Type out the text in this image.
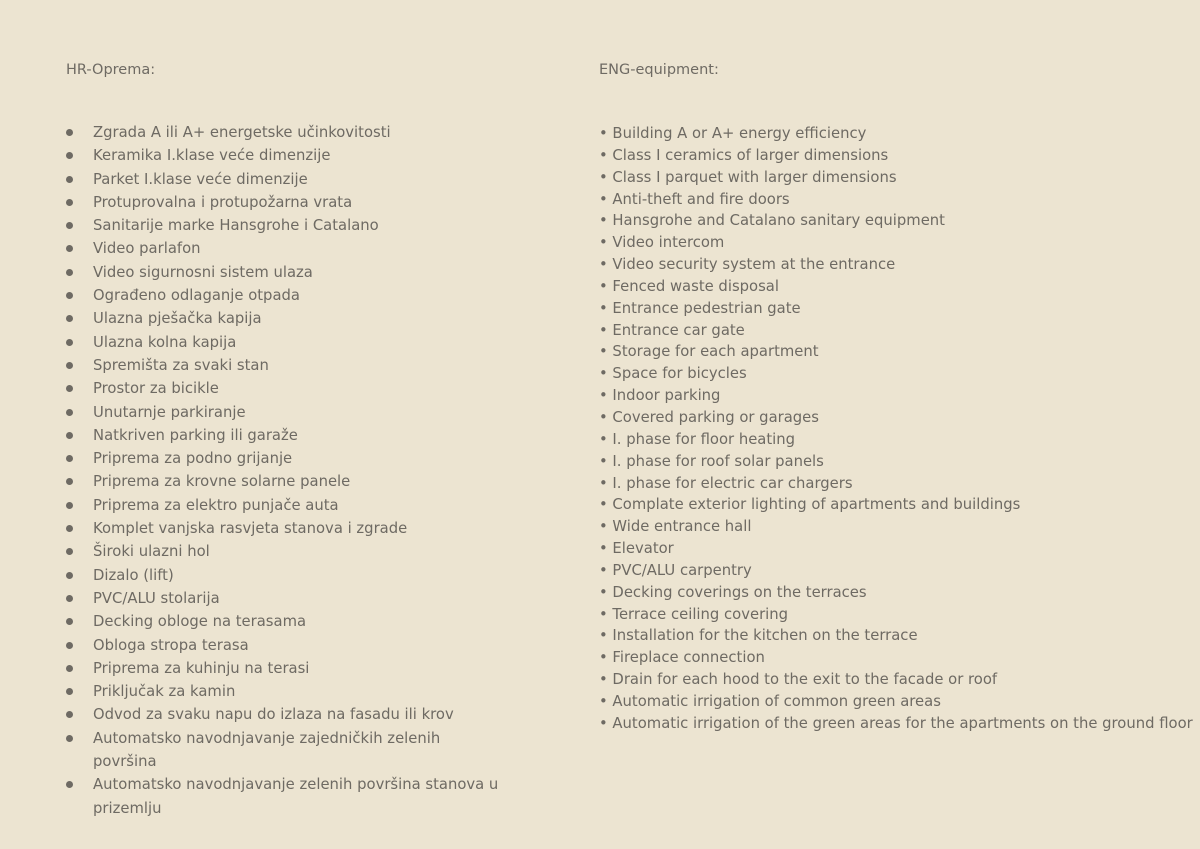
HR-Oprema:
Zgrada A ili A+ energetske učinkovitosti
Keramika I.klase veće dimenzije
Parket I.klase veće dimenzije
Protuprovalna i protupožarna vrata
Sanitarije marke Hansgrohe i Catalano
Video parlafon
Video sigurnosni sistem ulaza
Ograđeno odlaganje otpada
Ulazna pješačka kapija
Ulazna kolna kapija
Spremišta za svaki stan
Prostor za bicikle
Unutarnje parkiranje
Natkriven parking ili garaže
Priprema za podno grijanje
Priprema za krovne solarne panele
Priprema za elektro punjače auta
Komplet vanjska rasvjeta stanova i zgrade
Široki ulazni hol
Dizalo (lift)
PVC/ALU stolarija
Decking obloge na terasama
Obloga stropa terasa
Priprema za kuhinju na terasi
Priključak za kamin
Odvod za svaku napu do izlaza na fasadu ili krov
Automatsko navodnjavanje zajedničkih zelenih površina
Automatsko navodnjavanje zelenih površina stanova u prizemlju
ENG-equipment:
• Building A or A+ energy efficiency
• Class I ceramics of larger dimensions
• Class I parquet with larger dimensions
• Anti-theft and fire doors
• Hansgrohe and Catalano sanitary equipment
• Video intercom
• Video security system at the entrance
• Fenced waste disposal
• Entrance pedestrian gate
• Entrance car gate
• Storage for each apartment
• Space for bicycles
• Indoor parking
• Covered parking or garages
• I. phase for floor heating
• I. phase for roof solar panels
• I. phase for electric car chargers
• Complate exterior lighting of apartments and buildings
• Wide entrance hall
• Elevator
• PVC/ALU carpentry
• Decking coverings on the terraces
• Terrace ceiling covering
• Installation for the kitchen on the terrace
• Fireplace connection
• Drain for each hood to the exit to the facade or roof
• Automatic irrigation of common green areas
• Automatic irrigation of the green areas for the apartments on the ground floor
